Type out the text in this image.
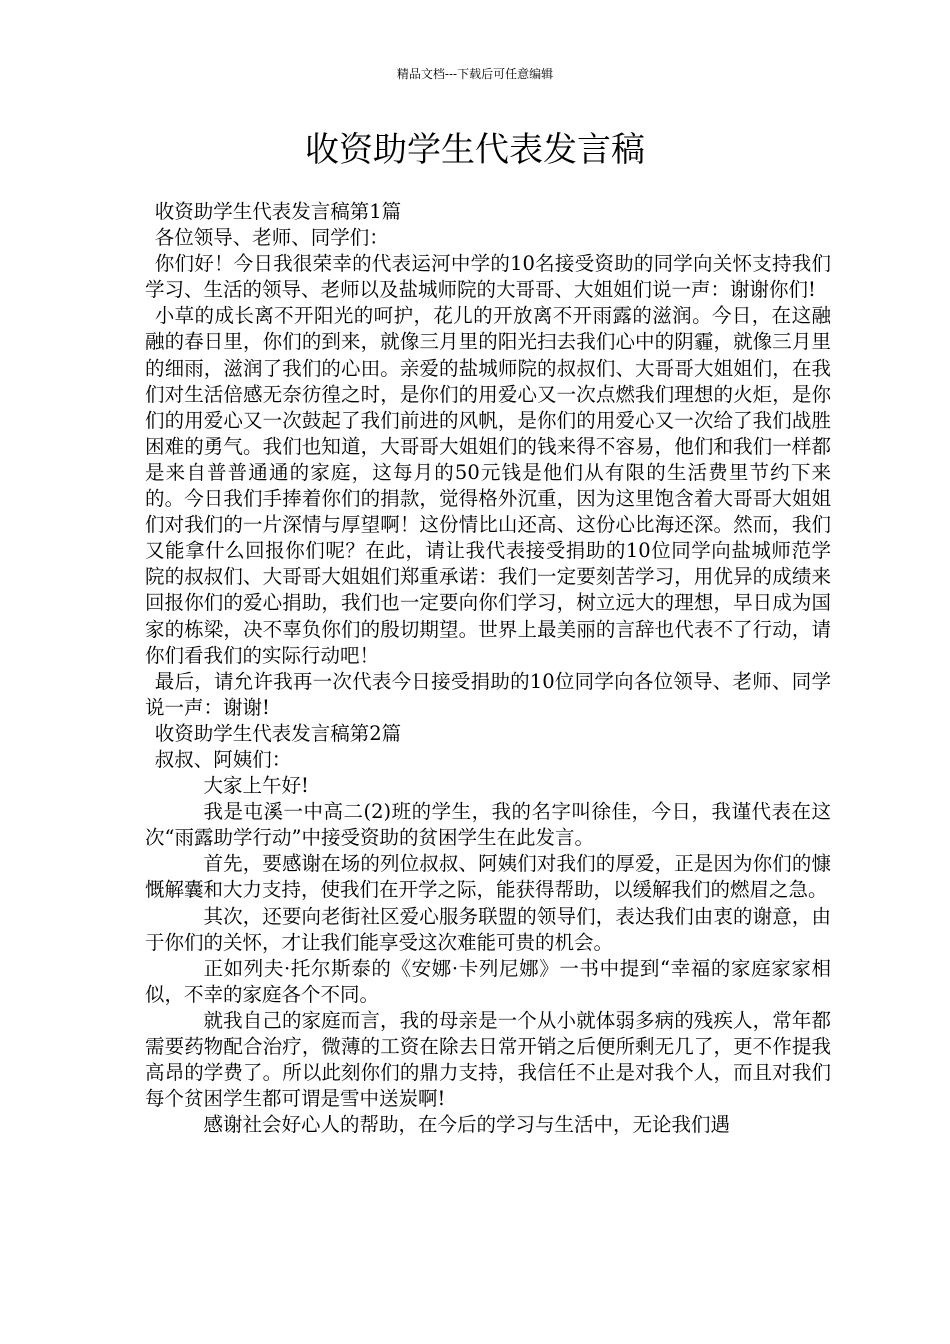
精品文档---下载后可任意编辑
收资助学生代表发言稿

收资助学生代表发言稿第1篇

各位领导、老师、同学们：

你们好！今日我很荣幸的代表运河中学的10名接受资助的同学向关怀支持我们学习、生活的领导、老师以及盐城师院的大哥哥、大姐姐们说一声：谢谢你们!

小草的成长离不开阳光的呵护，花儿的开放离不开雨露的滋润。今日，在这融融的春日里，你们的到来，就像三月里的阳光扫去我们心中的阴霾，就像三月里的细雨，滋润了我们的心田。亲爱的盐城师院的叔叔们、大哥哥大姐姐们，在我们对生活倍感无奈彷徨之时，是你们的用爱心又一次点燃我们理想的火炬，是你们的用爱心又一次鼓起了我们前进的风帆，是你们的用爱心又一次给了我们战胜困难的勇气。我们也知道，大哥哥大姐姐们的钱来得不容易，他们和我们一样都是来自普普通通的家庭，这每月的50元钱是他们从有限的生活费里节约下来的。今日我们手捧着你们的捐款，觉得格外沉重，因为这里饱含着大哥哥大姐姐们对我们的一片深情与厚望啊！这份情比山还高、这份心比海还深。然而，我们又能拿什么回报你们呢？在此，请让我代表接受捐助的10位同学向盐城师范学院的叔叔们、大哥哥大姐姐们郑重承诺：我们一定要刻苦学习，用优异的成绩来回报你们的爱心捐助，我们也一定要向你们学习，树立远大的理想，早日成为国家的栋梁，决不辜负你们的殷切期望。世界上最美丽的言辞也代表不了行动，请你们看我们的实际行动吧！

最后，请允许我再一次代表今日接受捐助的10位同学向各位领导、老师、同学说一声：谢谢!

收资助学生代表发言稿第2篇

叔叔、阿姨们：

大家上午好!

我是屯溪一中高二(2)班的学生，我的名字叫徐佳，今日，我谨代表在这次“雨露助学行动”中接受资助的贫困学生在此发言。

首先，要感谢在场的列位叔叔、阿姨们对我们的厚爱，正是因为你们的慷慨解囊和大力支持，使我们在开学之际，能获得帮助，以缓解我们的燃眉之急。

其次，还要向老街社区爱心服务联盟的领导们，表达我们由衷的谢意，由于你们的关怀，才让我们能享受这次难能可贵的机会。

正如列夫·托尔斯泰的《安娜·卡列尼娜》一书中提到“幸福的家庭家家相似，不幸的家庭各个不同。

就我自己的家庭而言，我的母亲是一个从小就体弱多病的残疾人，常年都需要药物配合治疗，微薄的工资在除去日常开销之后便所剩无几了，更不作提我高昂的学费了。所以此刻你们的鼎力支持，我信任不止是对我个人，而且对我们每个贫困学生都可谓是雪中送炭啊!

感谢社会好心人的帮助，在今后的学习与生活中，无论我们遇
